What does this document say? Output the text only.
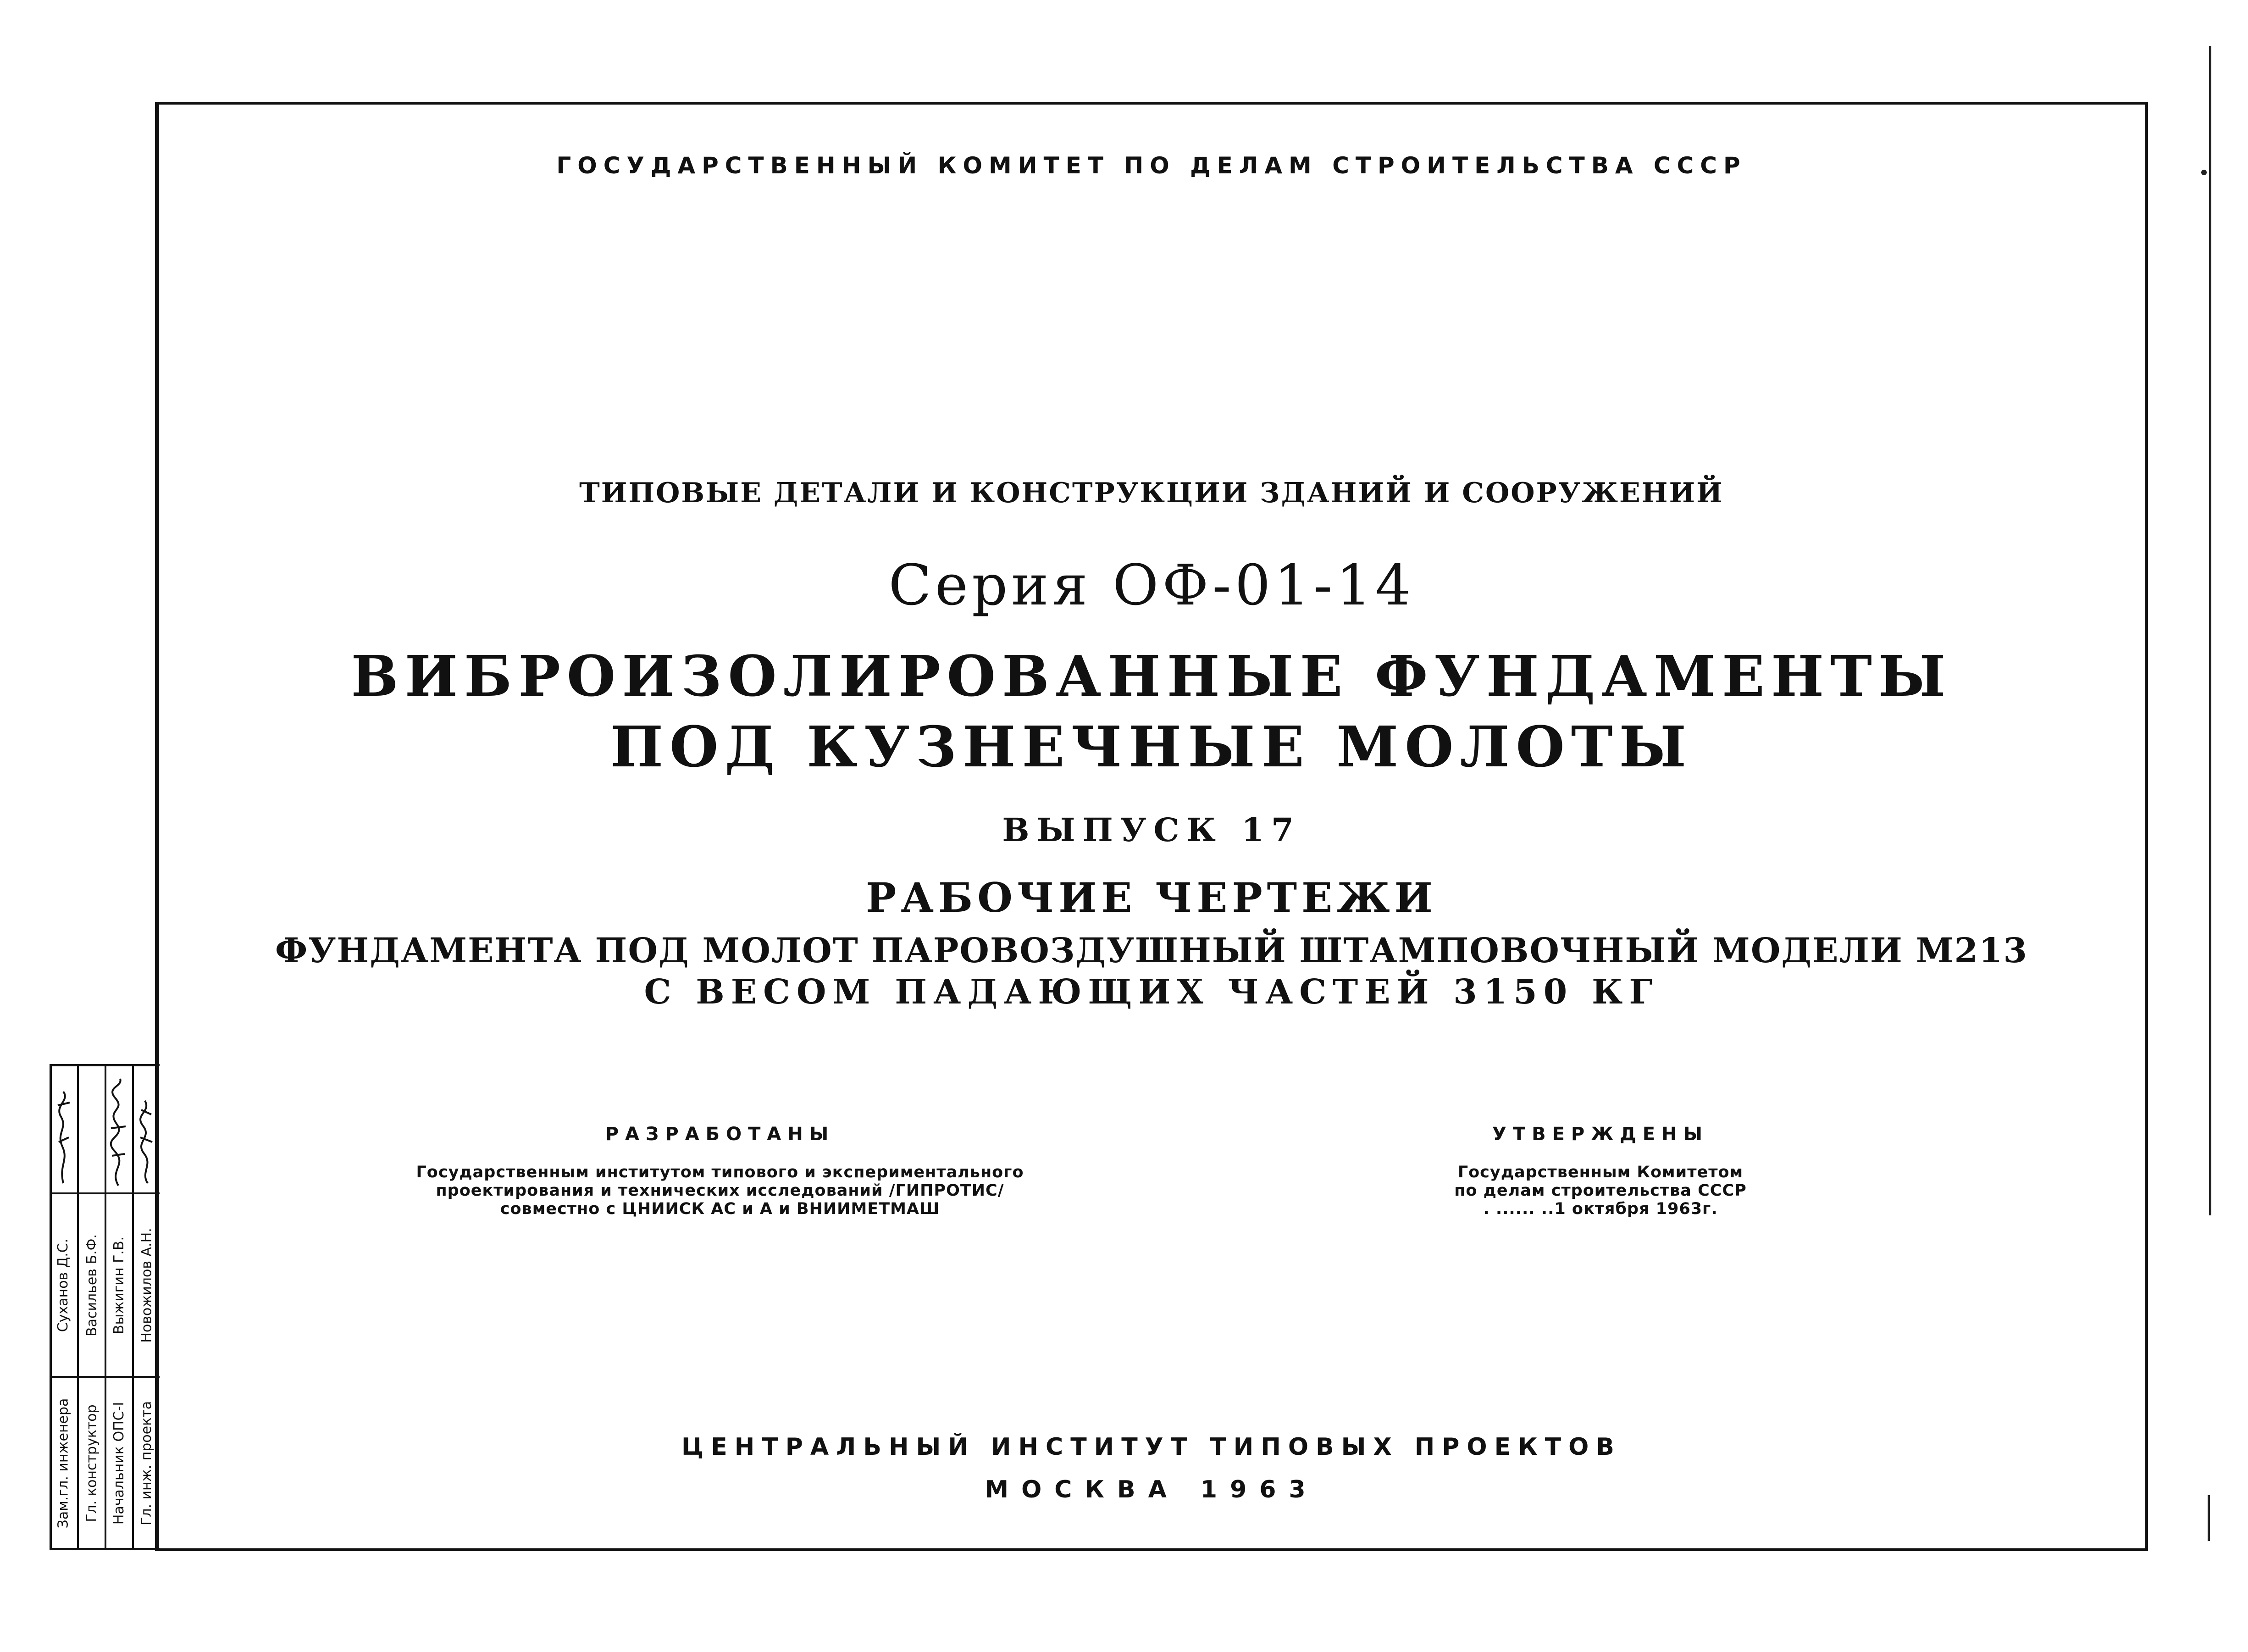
ГОСУДАРСТВЕННЫЙ КОМИТЕТ ПО ДЕЛАМ СТРОИТЕЛЬСТВА СССР
ТИПОВЫЕ ДЕТАЛИ И КОНСТРУКЦИИ ЗДАНИЙ И СООРУЖЕНИЙ
Серия ОФ-01-14
ВИБРОИЗОЛИРОВАННЫЕ ФУНДАМЕНТЫ
ПОД КУЗНЕЧНЫЕ МОЛОТЫ
ВЫПУСК 17
РАБОЧИЕ ЧЕРТЕЖИ
ФУНДАМЕНТА ПОД МОЛОТ ПАРОВОЗДУШНЫЙ ШТАМПОВОЧНЫЙ МОДЕЛИ М213
С ВЕСОМ ПАДАЮЩИХ ЧАСТЕЙ 3150 КГ
РАЗРАБОТАНЫ
Государственным институтом типового и экспериментального
проектирования и технических исследований /ГИПРОТИС/
совместно с ЦНИИСК АС и А и ВНИИМЕТМАШ
УТВЕРЖДЕНЫ
Государственным Комитетом
по делам строительства СССР
. ...... ..1 октября 1963г.
ЦЕНТРАЛЬНЫЙ ИНСТИТУТ ТИПОВЫХ ПРОЕКТОВ
МОСКВА 1963
Зам.гл. инженера Гл. конструктор Начальник ОПС-I Гл. инж. проекта
Суханов Д.С. Васильев Б.Ф. Выжигин Г.В. Новожилов А.Н.
